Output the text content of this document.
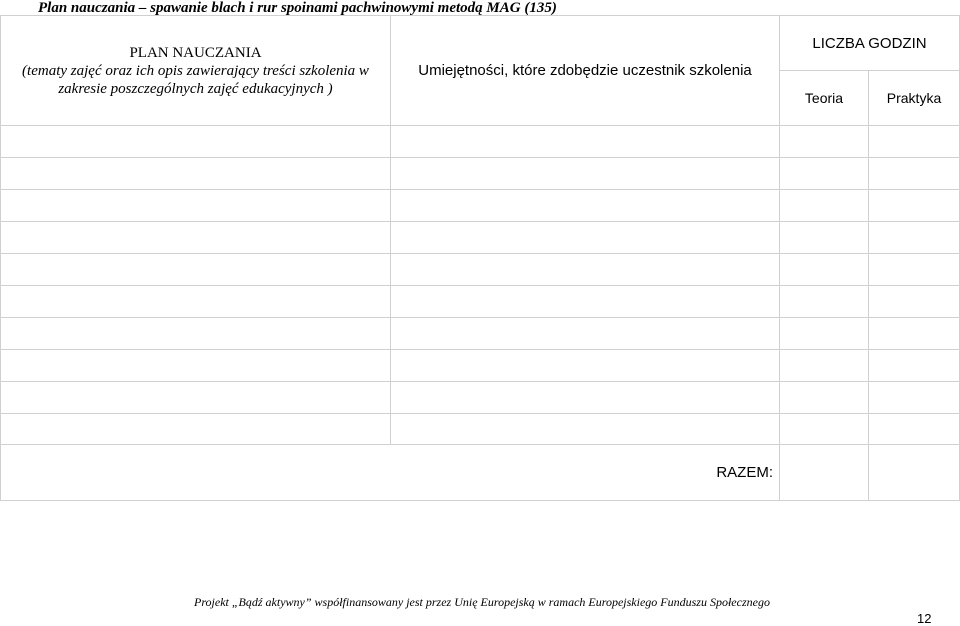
Plan nauczania – spawanie blach i rur spoinami pachwinowymi metodą MAG (135)
PLAN NAUCZANIA
(tematy zajęć oraz ich opis zawierający treści szkolenia w zakresie poszczególnych zajęć edukacyjnych )	Umiejętności, które zdobędzie uczestnik szkolenia	LICZBA GODZIN	
		Teoria	Praktyka

RAZEM:			
Projekt „Bądź aktywny” współfinansowany jest przez Unię Europejską w ramach Europejskiego Funduszu Społecznego
12
